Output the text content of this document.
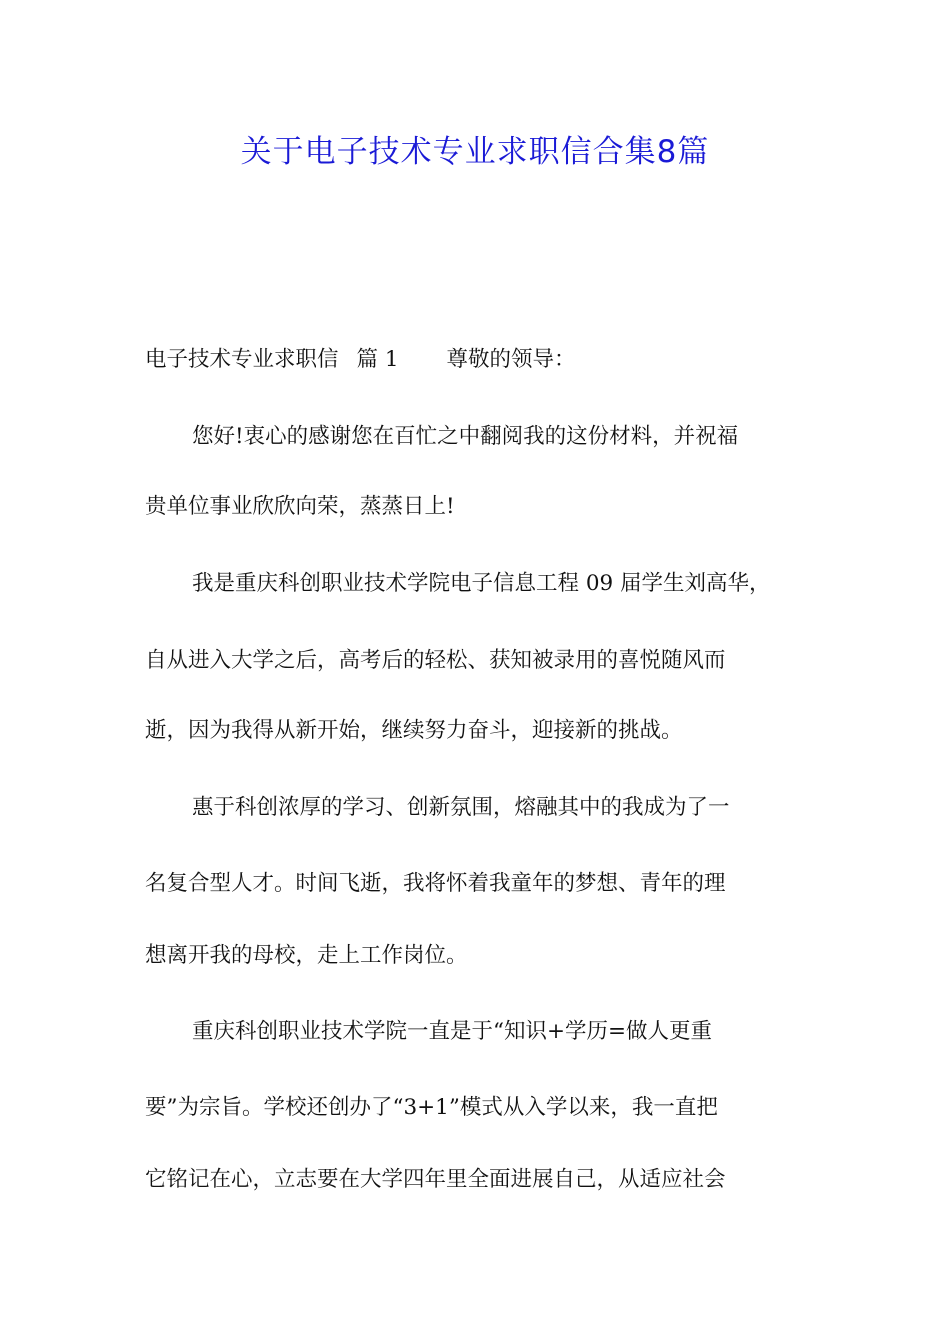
关于电子技术专业求职信合集8篇
电子技术专业求职信 篇 1 尊敬的领导：
您好!衷心的感谢您在百忙之中翻阅我的这份材料，并祝福
贵单位事业欣欣向荣，蒸蒸日上!
我是重庆科创职业技术学院电子信息工程 09 届学生刘高华，
自从进入大学之后，高考后的轻松、获知被录用的喜悦随风而
逝，因为我得从新开始，继续努力奋斗，迎接新的挑战。
惠于科创浓厚的学习、创新氛围，熔融其中的我成为了一
名复合型人才。时间飞逝，我将怀着我童年的梦想、青年的理
想离开我的母校，走上工作岗位。
重庆科创职业技术学院一直是于“知识+学历=做人更重
要”为宗旨。学校还创办了“3+1”模式从入学以来，我一直把
它铭记在心，立志要在大学四年里全面进展自己，从适应社会
